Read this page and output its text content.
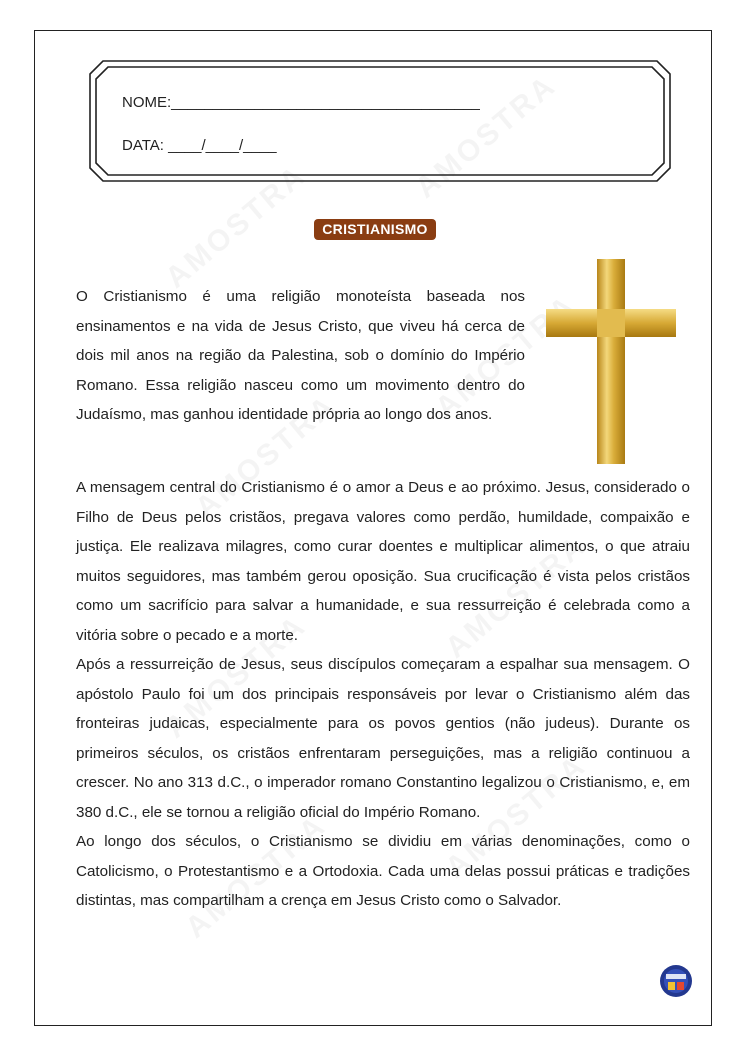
NOME:_____________________________________
DATA: ____/____/____
CRISTIANISMO
O Cristianismo é uma religião monoteísta baseada nos ensinamentos e na vida de Jesus Cristo, que viveu há cerca de dois mil anos na região da Palestina, sob o domínio do Império Romano. Essa religião nasceu como um movimento dentro do Judaísmo, mas ganhou identidade própria ao longo dos anos.

A mensagem central do Cristianismo é o amor a Deus e ao próximo. Jesus, considerado o Filho de Deus pelos cristãos, pregava valores como perdão, humildade, compaixão e justiça. Ele realizava milagres, como curar doentes e multiplicar alimentos, o que atraiu muitos seguidores, mas também gerou oposição. Sua crucificação é vista pelos cristãos como um sacrifício para salvar a humanidade, e sua ressurreição é celebrada como a vitória sobre o pecado e a morte.

Após a ressurreição de Jesus, seus discípulos começaram a espalhar sua mensagem. O apóstolo Paulo foi um dos principais responsáveis por levar o Cristianismo além das fronteiras judaicas, especialmente para os povos gentios (não judeus). Durante os primeiros séculos, os cristãos enfrentaram perseguições, mas a religião continuou a crescer. No ano 313 d.C., o imperador romano Constantino legalizou o Cristianismo, e, em 380 d.C., ele se tornou a religião oficial do Império Romano.

Ao longo dos séculos, o Cristianismo se dividiu em várias denominações, como o Catolicismo, o Protestantismo e a Ortodoxia. Cada uma delas possui práticas e tradições distintas, mas compartilham a crença em Jesus Cristo como o Salvador.
